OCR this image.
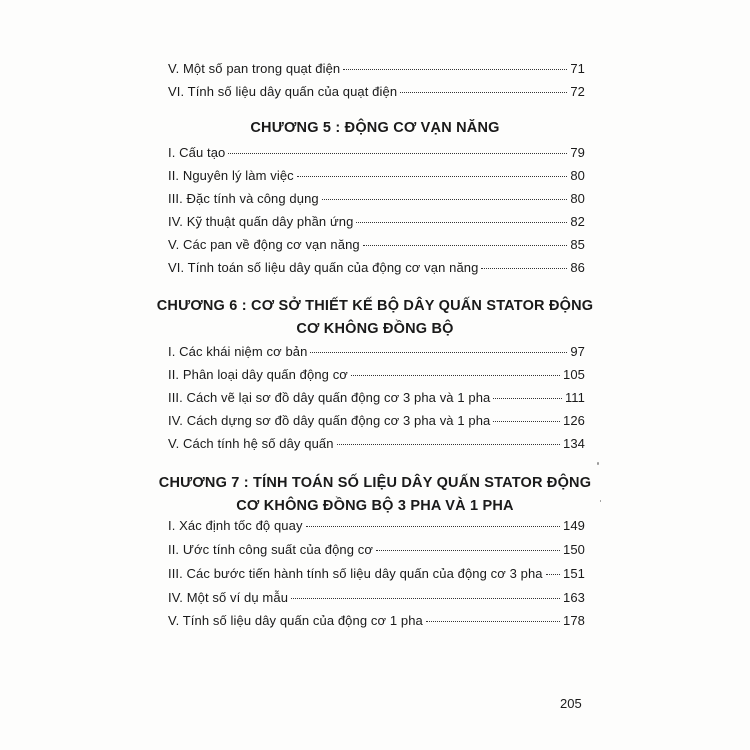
V. Một số pan trong quạt điện	71
VI. Tính số liệu dây quấn của quạt điện	72
CHƯƠNG 5 : ĐỘNG CƠ VẠN NĂNG
I. Cấu tạo	79
II. Nguyên lý làm việc	80
III. Đặc tính và công dụng	80
IV. Kỹ thuật quấn dây phần ứng	82
V. Các pan về động cơ vạn năng	85
VI. Tính toán số liệu dây quấn của động cơ vạn năng	86
CHƯƠNG 6 : CƠ SỞ THIẾT KẾ BỘ DÂY QUẤN STATOR ĐỘNG
CƠ KHÔNG ĐỒNG BỘ
I. Các khái niệm cơ bản	97
II. Phân loại dây quấn động cơ	105
III. Cách vẽ lại sơ đồ dây quấn động cơ 3 pha và 1 pha	111
IV. Cách dựng sơ đồ dây quấn động cơ 3 pha và 1 pha	126
V. Cách tính hệ số dây quấn	134
CHƯƠNG 7 : TÍNH TOÁN SỐ LIỆU DÂY QUẤN STATOR ĐỘNG
CƠ KHÔNG ĐỒNG BỘ 3 PHA VÀ 1 PHA
I. Xác định tốc độ quay	149
II. Ước tính công suất của động cơ	150
III. Các bước tiến hành tính số liệu dây quấn của động cơ 3 pha 151
IV. Một số ví dụ mẫu	163
V. Tính số liệu dây quấn của động cơ 1 pha	178
205
